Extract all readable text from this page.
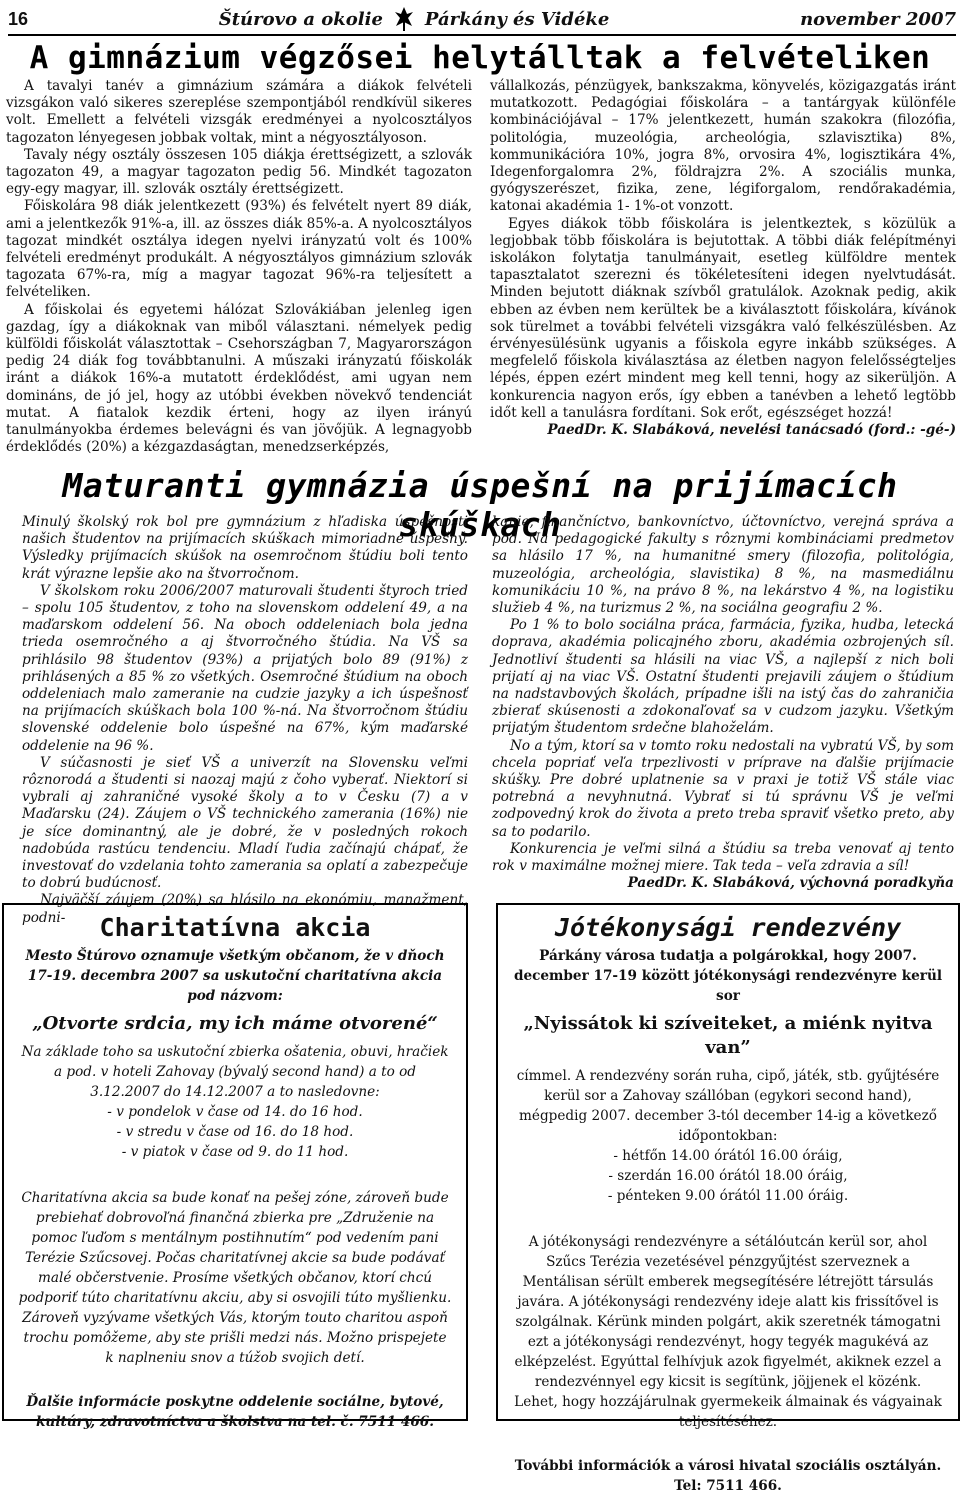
16	Štúrovo a okolie Párkány és Vidéke	november 2007
A gimnázium végzősei helytálltak a felvételiken

A tavalyi tanév a gimnázium számára a diákok felvételi vizsgákon való sikeres szereplése szempontjából rendkívül sikeres volt. Emellett a felvételi vizsgák eredményei a nyolcosztályos tagozaton lényegesen jobbak voltak, mint a négyosztályoson.

Tavaly négy osztály összesen 105 diákja érettségizett, a szlovák tagozaton 49, a magyar tagozaton pedig 56. Mindkét tagozaton egy-egy magyar, ill. szlovák osztály érettségizett.

Főiskolára 98 diák jelentkezett (93%) és felvételt nyert 89 diák, ami a jelentkezők 91%-a, ill. az összes diák 85%-a. A nyolcosztályos tagozat mindkét osztálya idegen nyelvi irányzatú volt és 100% felvételi eredményt produkált. A négyosztályos gimnázium szlovák tagozata 67%-ra, míg a magyar tagozat 96%-ra teljesített a felvételiken.

A főiskolai és egyetemi hálózat Szlovákiában jelenleg igen gazdag, így a diákoknak van miből választani. némelyek pedig külföldi főiskolát választottak – Csehországban 7, Magyarországon pedig 24 diák fog továbbtanulni. A műszaki irányzatú főiskolák iránt a diákok 16%-a mutatott érdeklődést, ami ugyan nem domináns, de jó jel, hogy az utóbbi években növekvő tendenciát mutat. A fiatalok kezdik érteni, hogy az ilyen irányú tanulmányokba érdemes belevágni és van jövőjük. A legnagyobb érdeklődés (20%) a kézgazdaságtan, menedzserképzés,

vállalkozás, pénzügyek, bankszakma, könyvelés, közigazgatás iránt mutatkozott. Pedagógiai főiskolára – a tantárgyak különféle kombinációjával – 17% jelentkezett, humán szakokra (filozófia, politológia, muzeológia, archeológia, szlavisztika) 8%, kommunikációra 10%, jogra 8%, orvosira 4%, logisztikára 4%, Idegenforgalomra 2%, földrajzra 2%. A szociális munka, gyógyszerészet, fizika, zene, légiforgalom, rendőrakadémia, katonai akadémia 1- 1%-ot vonzott.

Egyes diákok több főiskolára is jelentkeztek, s közülük a legjobbak több főiskolára is bejutottak. A többi diák felépítményi iskolákon folytatja tanulmányait, esetleg külföldre mentek tapasztalatot szerezni és tökéletesíteni idegen nyelvtudását. Minden bejutott diáknak szívből gratulálok. Azoknak pedig, akik ebben az évben nem kerültek be a kiválasztott főiskolára, kívánok sok türelmet a további felvételi vizsgákra való felkészülésben. Az érvényesülésünk ugyanis a főiskola egyre inkább szükséges. A megfelelő főiskola kiválasztása az életben nagyon felelősségteljes lépés, éppen ezért mindent meg kell tenni, hogy az sikerüljön. A konkurencia nagyon erős, így ebben a tanévben a lehető legtöbb időt kell a tanulásra fordítani. Sok erőt, egészséget hozzá!

PaedDr. K. Slabáková, nevelési tanácsadó (ford.: -gé-)

Maturanti gymnázia úspešní na prijímacích skúškach

Minulý školský rok bol pre gymnázium z hľadiska úspešnosti našich študentov na prijímacích skúškach mimoriadne úspešný. Výsledky prijímacích skúšok na osemročnom štúdiu boli tento krát výrazne lepšie ako na štvorročnom.

V školskom roku 2006/2007 maturovali študenti štyroch tried – spolu 105 študentov, z toho na slovenskom oddelení 49, a na maďarskom oddelení 56. Na oboch oddeleniach bola jedna trieda osemročného a aj štvorročného štúdia. Na VŠ sa prihlásilo 98 študentov (93%) a prijatých bolo 89 (91%) z prihlásených a 85 % zo všetkých. Osemročné štúdium na oboch oddeleniach malo zameranie na cudzie jazyky a ich úspešnosť na prijímacích skúškach bola 100 %-ná. Na štvorročnom štúdiu slovenské oddelenie bolo úspešné na 67%, kým maďarské oddelenie na 96 %.

V súčasnosti je sieť VŠ a univerzít na Slovensku veľmi rôznorodá a študenti si naozaj majú z čoho vyberať. Niektorí si vybrali aj zahraničné vysoké školy a to v Česku (7) a v Maďarsku (24). Záujem o VŠ technického zamerania (16%) nie je síce dominantný, ale je dobré, že v posledných rokoch nadobúda rastúcu tendenciu. Mladí ľudia začínajú chápať, že investovať do vzdelania tohto zamerania sa oplatí a zabezpečuje to dobrú budúcnosť.

Najväčší záujem (20%) sa hlásilo na ekonómiu, manažment, podni-

kanie, finančníctvo, bankovníctvo, účtovníctvo, verejná správa a pod. Na pedagogické fakulty s rôznymi kombináciami predmetov sa hlásilo 17 %, na humanitné smery (filozofia, politológia, muzeológia, archeológia, slavistika) 8 %, na masmediálnu komunikáciu 10 %, na právo 8 %, na lekárstvo 4 %, na logistiku služieb 4 %, na turizmus 2 %, na sociálna geografiu 2 %.

Po 1 % to bolo sociálna práca, farmácia, fyzika, hudba, letecká doprava, akadémia policajného zboru, akadémia ozbrojených síl. Jednotliví študenti sa hlásili na viac VŠ, a najlepší z nich boli prijatí aj na viac VŠ. Ostatní študenti prejavili záujem o štúdium na nadstavbových školách, prípadne išli na istý čas do zahraničia zbierať skúsenosti a zdokonaľovať sa v cudzom jazyku. Všetkým prijatým študentom srdečne blahoželám.

No a tým, ktorí sa v tomto roku nedostali na vybratú VŠ, by som chcela popriať veľa trpezlivosti v príprave na ďalšie prijímacie skúšky. Pre dobré uplatnenie sa v praxi je totiž VŠ stále viac potrebná a nevyhnutná. Vybrať si tú správnu VŠ je veľmi zodpovedný krok do života a preto treba spraviť všetko preto, aby sa to podarilo.

Konkurencia je veľmi silná a štúdiu sa treba venovať aj tento rok v maximálne možnej miere. Tak teda – veľa zdravia a síl!

PaedDr. K. Slabáková, výchovná poradkyňa

Charitatívna akcia
Mesto Štúrovo oznamuje všetkým občanom, že v dňoch 17-19. decembra 2007 sa uskutoční charitatívna akcia pod názvom:
„Otvorte srdcia, my ich máme otvorené“
Na základe toho sa uskutoční zbierka ošatenia, obuvi, hračiek a pod. v hoteli Zahovay (bývalý second hand) a to od 3.12.2007 do 14.12.2007 a to nasledovne:
- v pondelok v čase od 14. do 16 hod.
- v stredu v čase od 16. do 18 hod.
- v piatok v čase od 9. do 11 hod.
Charitatívna akcia sa bude konať na pešej zóne, zároveň bude prebiehať dobrovoľná finančná zbierka pre „Združenie na pomoc ľuďom s mentálnym postihnutím“ pod vedením pani Terézie Szűcsovej. Počas charitatívnej akcie sa bude podávať malé občerstvenie. Prosíme všetkých občanov, ktorí chcú podporiť túto charitatívnu akciu, aby si osvojili túto myšlienku. Zároveň vyzývame všetkých Vás, ktorým touto charitou aspoň trochu pomôžeme, aby ste prišli medzi nás. Možno prispejete k naplneniu snov a túžob svojich detí.
Ďalšie informácie poskytne oddelenie sociálne, bytové, kultúry, zdravotníctva a školstva na tel. č. 7511 466.
Jótékonysági rendezvény
Párkány városa tudatja a polgárokkal, hogy 2007. december 17-19 között jótékonysági rendezvényre kerül sor
„Nyissátok ki szíveiteket, a miénk nyitva van”
címmel. A rendezvény során ruha, cipő, játék, stb. gyűjtésére kerül sor a Zahovay szállóban (egykori second hand), mégpedig 2007. december 3-tól december 14-ig a következő időpontokban:
- hétfőn 14.00 órától 16.00 óráig,
- szerdán 16.00 órától 18.00 óráig,
- pénteken 9.00 órától 11.00 óráig.
A jótékonysági rendezvényre a sétálóutcán kerül sor, ahol Szűcs Terézia vezetésével pénzgyűjtést szerveznek a Mentálisan sérült emberek megsegítésére létrejött társulás javára. A jótékonysági rendezvény ideje alatt kis frissítővel is szolgálnak. Kérünk minden polgárt, akik szeretnék támogatni ezt a jótékonysági rendezvényt, hogy tegyék magukévá az elképzelést. Egyúttal felhívjuk azok figyelmét, akiknek ezzel a rendezvénnyel egy kicsit is segítünk, jöjjenek el közénk. Lehet, hogy hozzájárulnak gyermekeik álmainak és vágyainak teljesítéséhez.
További információk a városi hivatal szociális osztályán. Tel: 7511 466.
